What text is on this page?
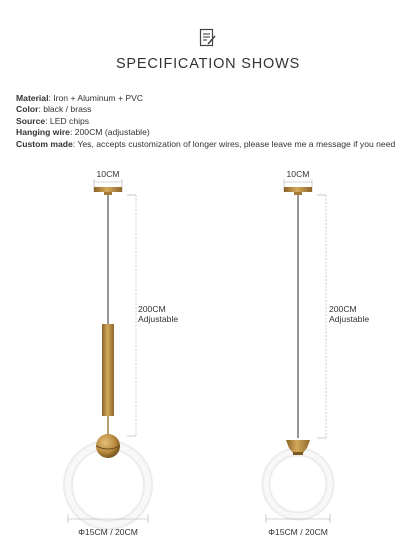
SPECIFICATION SHOWS
Material: Iron + Aluminum + PVC
Color: black / brass
Source: LED chips
Hanging wire: 200CM (adjustable)
Custom made: Yes, accepts customization of longer wires, please leave me a message if you need
10CM
200CM
Adjustable
Φ15CM / 20CM
10CM
200CM
Adjustable
Φ15CM / 20CM
